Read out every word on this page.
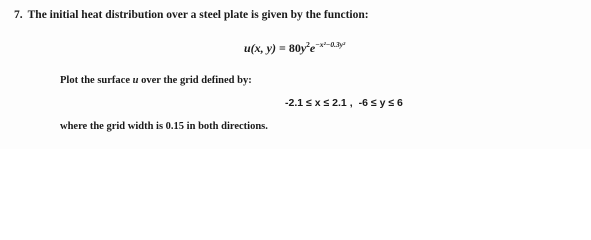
7. The initial heat distribution over a steel plate is given by the function:
u(x, $y) = 80y^2e^{-x^2-0.3y^2}$
Plot the surface u over the grid defined by:
-2.1 ≤ x ≤ 2.1 , -6 ≤ y ≤ 6
where the grid width is 0.15 in both directions.
